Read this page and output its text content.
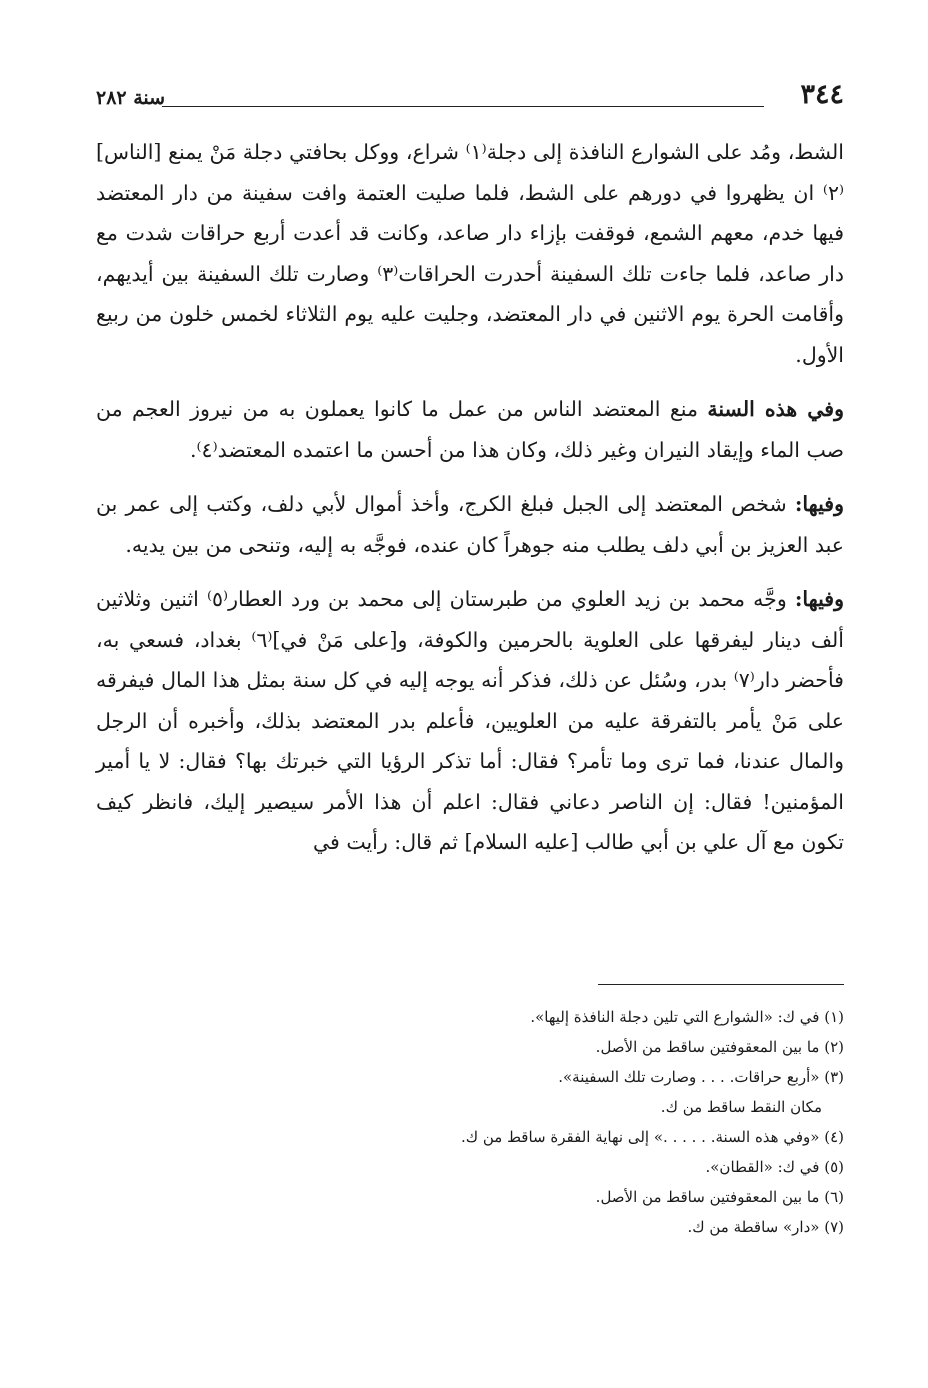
٣٤٤
سنة ٢٨٢

الشط، ومُد على الشوارع النافذة إلى دجلة⁽١⁾ شراع، ووكل بحافتي دجلة مَنْ يمنع [الناس]⁽٢⁾ ان يظهروا في دورهم على الشط، فلما صليت العتمة وافت سفينة من دار المعتضد فيها خدم، معهم الشمع، فوقفت بإزاء دار صاعد، وكانت قد أعدت أربع حراقات شدت مع دار صاعد، فلما جاءت تلك السفينة أحدرت الحراقات⁽٣⁾ وصارت تلك السفينة بين أيديهم، وأقامت الحرة يوم الاثنين في دار المعتضد، وجليت عليه يوم الثلاثاء لخمس خلون من ربيع الأول.

وفي هذه السنة منع المعتضد الناس من عمل ما كانوا يعملون به من نيروز العجم من صب الماء وإيقاد النيران وغير ذلك، وكان هذا من أحسن ما اعتمده المعتضد⁽٤⁾.

وفيها: شخص المعتضد إلى الجبل فبلغ الكرج، وأخذ أموال لأبي دلف، وكتب إلى عمر بن عبد العزيز بن أبي دلف يطلب منه جوهراً كان عنده، فوجَّه به إليه، وتنحى من بين يديه.

وفيها: وجَّه محمد بن زيد العلوي من طبرستان إلى محمد بن ورد العطار⁽٥⁾ اثنين وثلاثين ألف دينار ليفرقها على العلوية بالحرمين والكوفة، و[على مَنْ في]⁽٦⁾ بغداد، فسعي به، فأحضر دار⁽٧⁾ بدر، وسُئل عن ذلك، فذكر أنه يوجه إليه في كل سنة بمثل هذا المال فيفرقه على مَنْ يأمر بالتفرقة عليه من العلويين، فأعلم بدر المعتضد بذلك، وأخبره أن الرجل والمال عندنا، فما ترى وما تأمر؟ فقال: أما تذكر الرؤيا التي خبرتك بها؟ فقال: لا يا أمير المؤمنين! فقال: إن الناصر دعاني فقال: اعلم أن هذا الأمر سيصير إليك، فانظر كيف تكون مع آل علي بن أبي طالب [عليه السلام] ثم قال: رأيت في

(١) في ك: «الشوارع التي تلين دجلة النافذة إليها».

(٢) ما بين المعقوفتين ساقط من الأصل.

(٣) «أربع حراقات. . . . وصارت تلك السفينة».

مكان النقط ساقط من ك.

(٤) «وفي هذه السنة. . . . . .» إلى نهاية الفقرة ساقط من ك.

(٥) في ك: «القطان».

(٦) ما بين المعقوفتين ساقط من الأصل.

(٧) «دار» ساقطة من ك.
